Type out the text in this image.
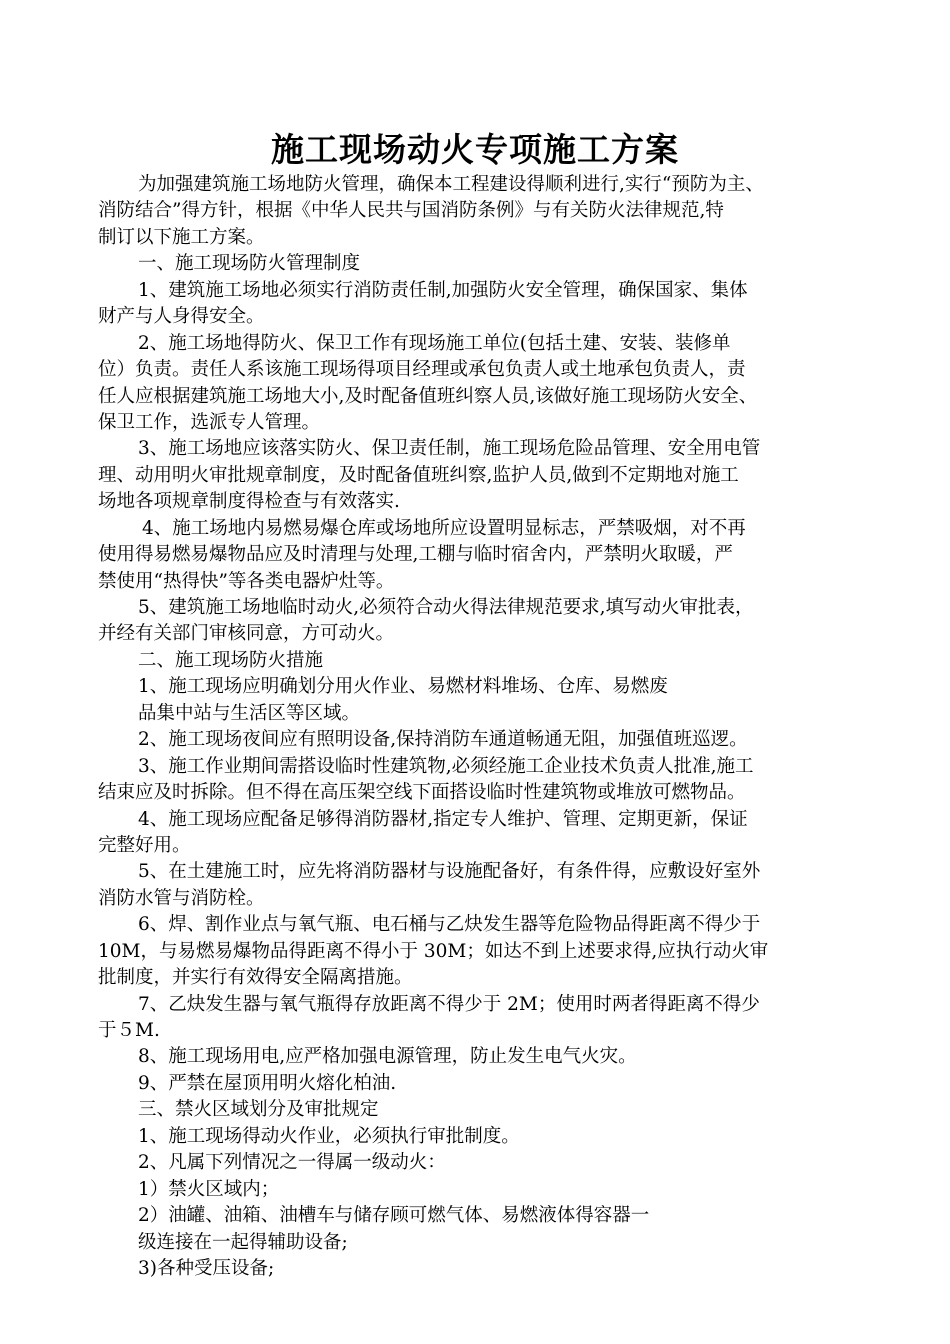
施工现场动火专项施工方案
为加强建筑施工场地防火管理，确保本工程建设得顺利进行,实行“预防为主、
消防结合”得方针，根据《中华人民共与国消防条例》与有关防火法律规范,特
制订以下施工方案。
一、施工现场防火管理制度
1、建筑施工场地必须实行消防责任制,加强防火安全管理，确保国家、集体
财产与人身得安全。
2、施工场地得防火、保卫工作有现场施工单位(包括土建、安装、装修单
位）负责。责任人系该施工现场得项目经理或承包负责人或土地承包负责人，责
任人应根据建筑施工场地大小,及时配备值班纠察人员,该做好施工现场防火安全、
保卫工作，选派专人管理。
3、施工场地应该落实防火、保卫责任制，施工现场危险品管理、安全用电管
理、动用明火审批规章制度，及时配备值班纠察,监护人员,做到不定期地对施工
场地各项规章制度得检查与有效落实.
4、施工场地内易燃易爆仓库或场地所应设置明显标志，严禁吸烟，对不再
使用得易燃易爆物品应及时清理与处理,工棚与临时宿舍内，严禁明火取暖，严
禁使用“热得快”等各类电器炉灶等。
5、建筑施工场地临时动火,必须符合动火得法律规范要求,填写动火审批表，
并经有关部门审核同意，方可动火。
二、施工现场防火措施
1、施工现场应明确划分用火作业、易燃材料堆场、仓库、易燃废
品集中站与生活区等区域。
2、施工现场夜间应有照明设备,保持消防车通道畅通无阻，加强值班巡逻。
3、施工作业期间需搭设临时性建筑物,必须经施工企业技术负责人批准,施工
结束应及时拆除。但不得在高压架空线下面搭设临时性建筑物或堆放可燃物品。
4、施工现场应配备足够得消防器材,指定专人维护、管理、定期更新，保证
完整好用。
5、在土建施工时，应先将消防器材与设施配备好，有条件得，应敷设好室外
消防水管与消防栓。
6、焊、割作业点与氧气瓶、电石桶与乙炔发生器等危险物品得距离不得少于
10M，与易燃易爆物品得距离不得小于 30M；如达不到上述要求得,应执行动火审
批制度，并实行有效得安全隔离措施。
7、乙炔发生器与氧气瓶得存放距离不得少于 2M；使用时两者得距离不得少
于５M.
8、施工现场用电,应严格加强电源管理，防止发生电气火灾。
9、严禁在屋顶用明火熔化柏油.
三、禁火区域划分及审批规定
1、施工现场得动火作业，必须执行审批制度。
2、凡属下列情况之一得属一级动火：
1）禁火区域内；
2）油罐、油箱、油槽车与储存顾可燃气体、易燃液体得容器一
级连接在一起得辅助设备;
3)各种受压设备;
